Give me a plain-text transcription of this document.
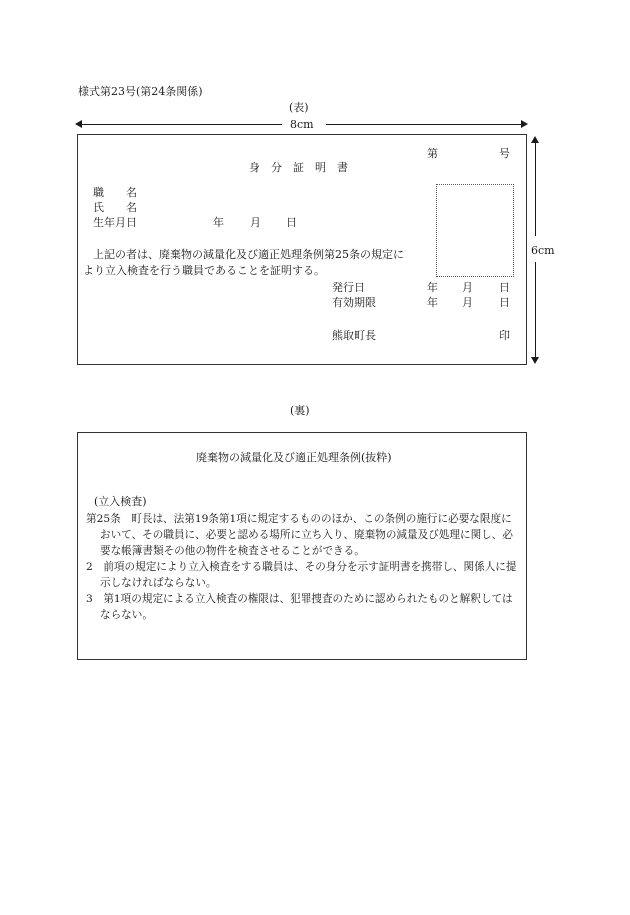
様式第23号(第24条関係)
(表)
8cm
6cm
第	号
身　分　証　明　書
職　　名
氏　　名
生年月日	年 月 日
上記の者は、廃棄物の減量化及び適正処理条例第25条の規定に
より立入検査を行う職員であることを証明する。
発行日	年 月 日
有効期限	年 月 日
熊取町長	印
(裏)
廃棄物の減量化及び適正処理条例(抜粋)
(立入検査)

第25条　町長は、法第19条第1項に規定するもののほか、この条例の施行に必要な限度において、その職員に、必要と認める場所に立ち入り、廃棄物の減量及び処理に関し、必要な帳簿書類その他の物件を検査させることができる。

2　前項の規定により立入検査をする職員は、その身分を示す証明書を携帯し、関係人に提示しなければならない。

3　第1項の規定による立入検査の権限は、犯罪捜査のために認められたものと解釈してはならない。
